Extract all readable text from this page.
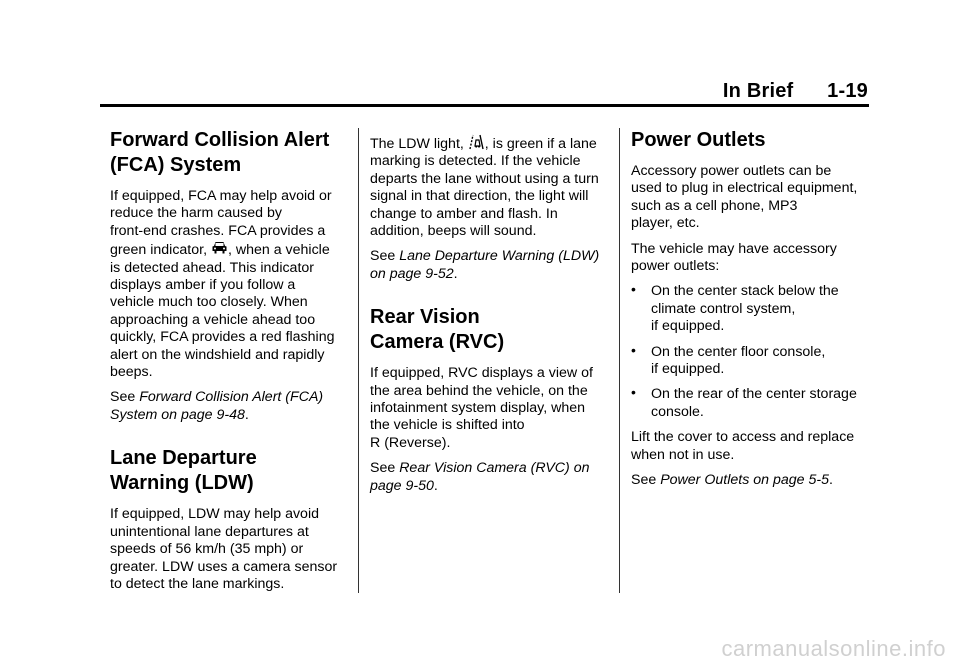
In Brief 1-19
Forward Collision Alert
(FCA) System

If equipped, FCA may help avoid or
reduce the harm caused by
front-end crashes. FCA provides a
green indicator, , when a vehicle
is detected ahead. This indicator
displays amber if you follow a
vehicle much too closely. When
approaching a vehicle ahead too
quickly, FCA provides a red flashing
alert on the windshield and rapidly
beeps.

See Forward Collision Alert (FCA)
System on page 9-48.

Lane Departure
Warning (LDW)

If equipped, LDW may help avoid
unintentional lane departures at
speeds of 56 km/h (35 mph) or
greater. LDW uses a camera sensor
to detect the lane markings.

The LDW light, , is green if a lane
marking is detected. If the vehicle
departs the lane without using a turn
signal in that direction, the light will
change to amber and flash. In
addition, beeps will sound.

See Lane Departure Warning (LDW)
on page 9-52.

Rear Vision
Camera (RVC)

If equipped, RVC displays a view of
the area behind the vehicle, on the
infotainment system display, when
the vehicle is shifted into
R (Reverse).

See Rear Vision Camera (RVC) on
page 9-50.

Power Outlets

Accessory power outlets can be
used to plug in electrical equipment,
such as a cell phone, MP3
player, etc.

The vehicle may have accessory
power outlets:

• On the center stack below the
climate control system,
if equipped.
• On the center floor console,
if equipped.
• On the rear of the center storage
console.

Lift the cover to access and replace
when not in use.

See Power Outlets on page 5-5.

carmanualsonline.info
